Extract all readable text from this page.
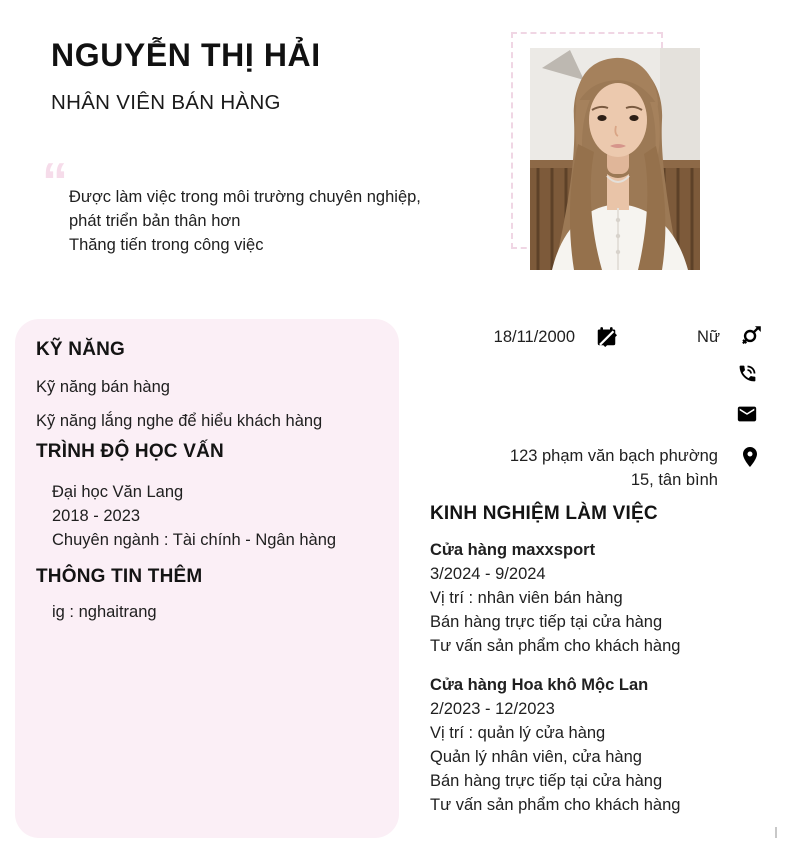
NGUYỄN THỊ HẢI
NHÂN VIÊN BÁN HÀNG
“ Được làm việc trong môi trường chuyên nghiệp,
phát triển bản thân hơn
Thăng tiến trong công việc
18/11/2000	Nữ
123 phạm văn bạch phường
15, tân bình
KỸ NĂNG
Kỹ năng bán hàng
Kỹ năng lắng nghe để hiểu khách hàng
TRÌNH ĐỘ HỌC VẤN
Đại học Văn Lang
2018 - 2023
Chuyên ngành : Tài chính - Ngân hàng
THÔNG TIN THÊM
ig : nghaitrang
KINH NGHIỆM LÀM VIỆC
Cửa hàng maxxsport
3/2024 - 9/2024
Vị trí : nhân viên bán hàng
Bán hàng trực tiếp tại cửa hàng
Tư vấn sản phẩm cho khách hàng
Cửa hàng Hoa khô Mộc Lan
2/2023 - 12/2023
Vị trí : quản lý cửa hàng
Quản lý nhân viên, cửa hàng
Bán hàng trực tiếp tại cửa hàng
Tư vấn sản phẩm cho khách hàng
